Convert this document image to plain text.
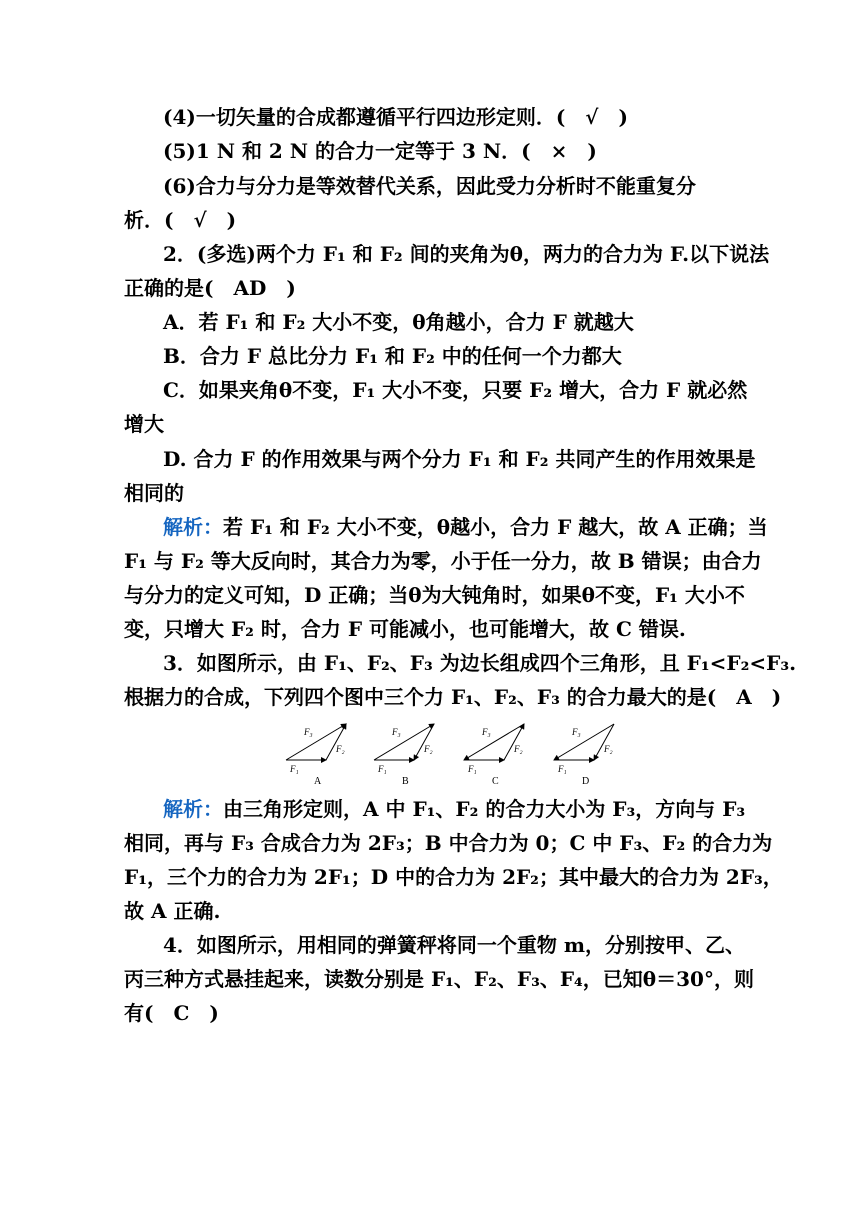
(4)一切矢量的合成都遵循平行四边形定则．( √ )
(5)1 N 和 2 N 的合力一定等于 3 N．( × )
(6)合力与分力是等效替代关系，因此受力分析时不能重复分
析．( √ )
2．(多选)两个力 F₁ 和 F₂ 间的夹角为θ，两力的合力为 F.以下说法
正确的是( AD )
A．若 F₁ 和 F₂ 大小不变，θ角越小，合力 F 就越大
B．合力 F 总比分力 F₁ 和 F₂ 中的任何一个力都大
C．如果夹角θ不变，F₁ 大小不变，只要 F₂ 增大，合力 F 就必然
增大
D. 合力 F 的作用效果与两个分力 F₁ 和 F₂ 共同产生的作用效果是
相同的
解析：若 F₁ 和 F₂ 大小不变，θ越小，合力 F 越大，故 A 正确；当
F₁ 与 F₂ 等大反向时，其合力为零，小于任一分力，故 B 错误；由合力
与分力的定义可知，D 正确；当θ为大钝角时，如果θ不变，F₁ 大小不
变，只增大 F₂ 时，合力 F 可能减小，也可能增大，故 C 错误.
3．如图所示，由 F₁、F₂、F₃ 为边长组成四个三角形，且 F₁<F₂<F₃.
根据力的合成，下列四个图中三个力 F₁、F₂、F₃ 的合力最大的是( A )
F₃
F₂
F₁
A
F₃
F₂
F₁
B
F₃
F₂
F₁
C
F₃
F₂
F₁
D
解析：由三角形定则，A 中 F₁、F₂ 的合力大小为 F₃，方向与 F₃
相同，再与 F₃ 合成合力为 2F₃；B 中合力为 0；C 中 F₃、F₂ 的合力为
F₁，三个力的合力为 2F₁；D 中的合力为 2F₂；其中最大的合力为 2F₃，
故 A 正确.
4．如图所示，用相同的弹簧秤将同一个重物 m，分别按甲、乙、
丙三种方式悬挂起来，读数分别是 F₁、F₂、F₃、F₄，已知θ＝30°，则
有( C )
